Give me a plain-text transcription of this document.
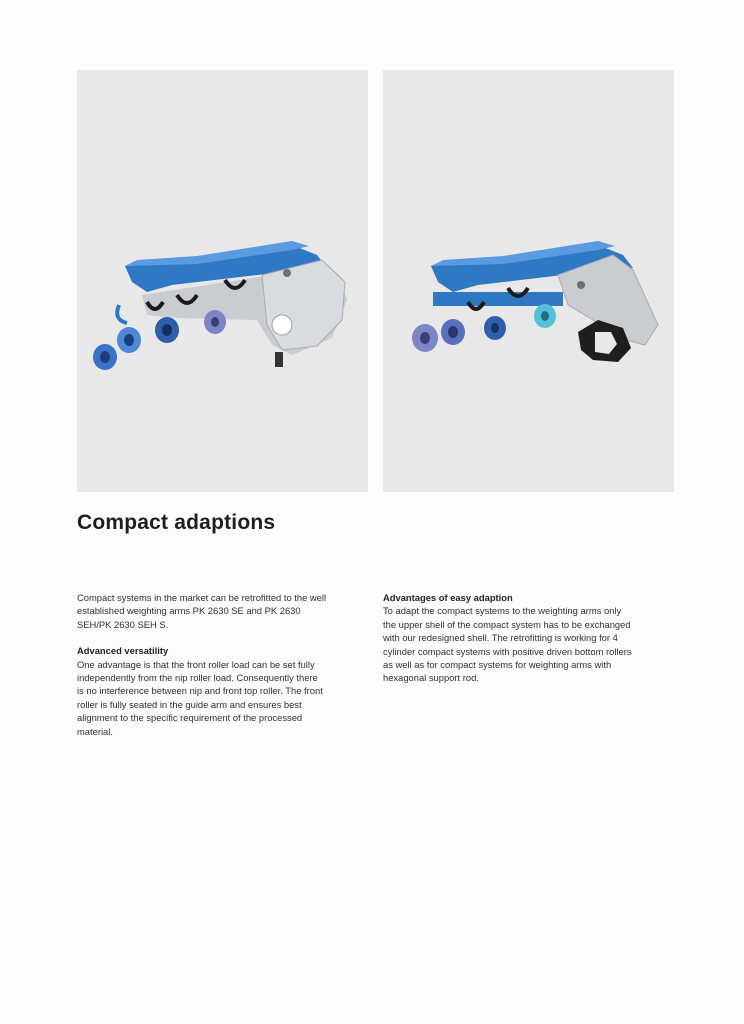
Compact adaptions

Compact systems in the market can be retrofitted to the well established weighting arms PK 2630 SE and PK 2630 SEH/PK 2630 SEH S.

Advanced versatility

One advantage is that the front roller load can be set fully independently from the nip roller load. Consequently there is no interference between nip and front top roller. The front roller is fully seated in the guide arm and ensures best alignment to the specific requirement of the processed material.

Advantages of easy adaption

To adapt the compact systems to the weighting arms only the upper shell of the compact system has to be exchanged with our redesigned shell. The retrofitting is working for 4 cylinder compact systems with positive driven bottom rollers as well as for compact systems for weighting arms with hexagonal support rod.
